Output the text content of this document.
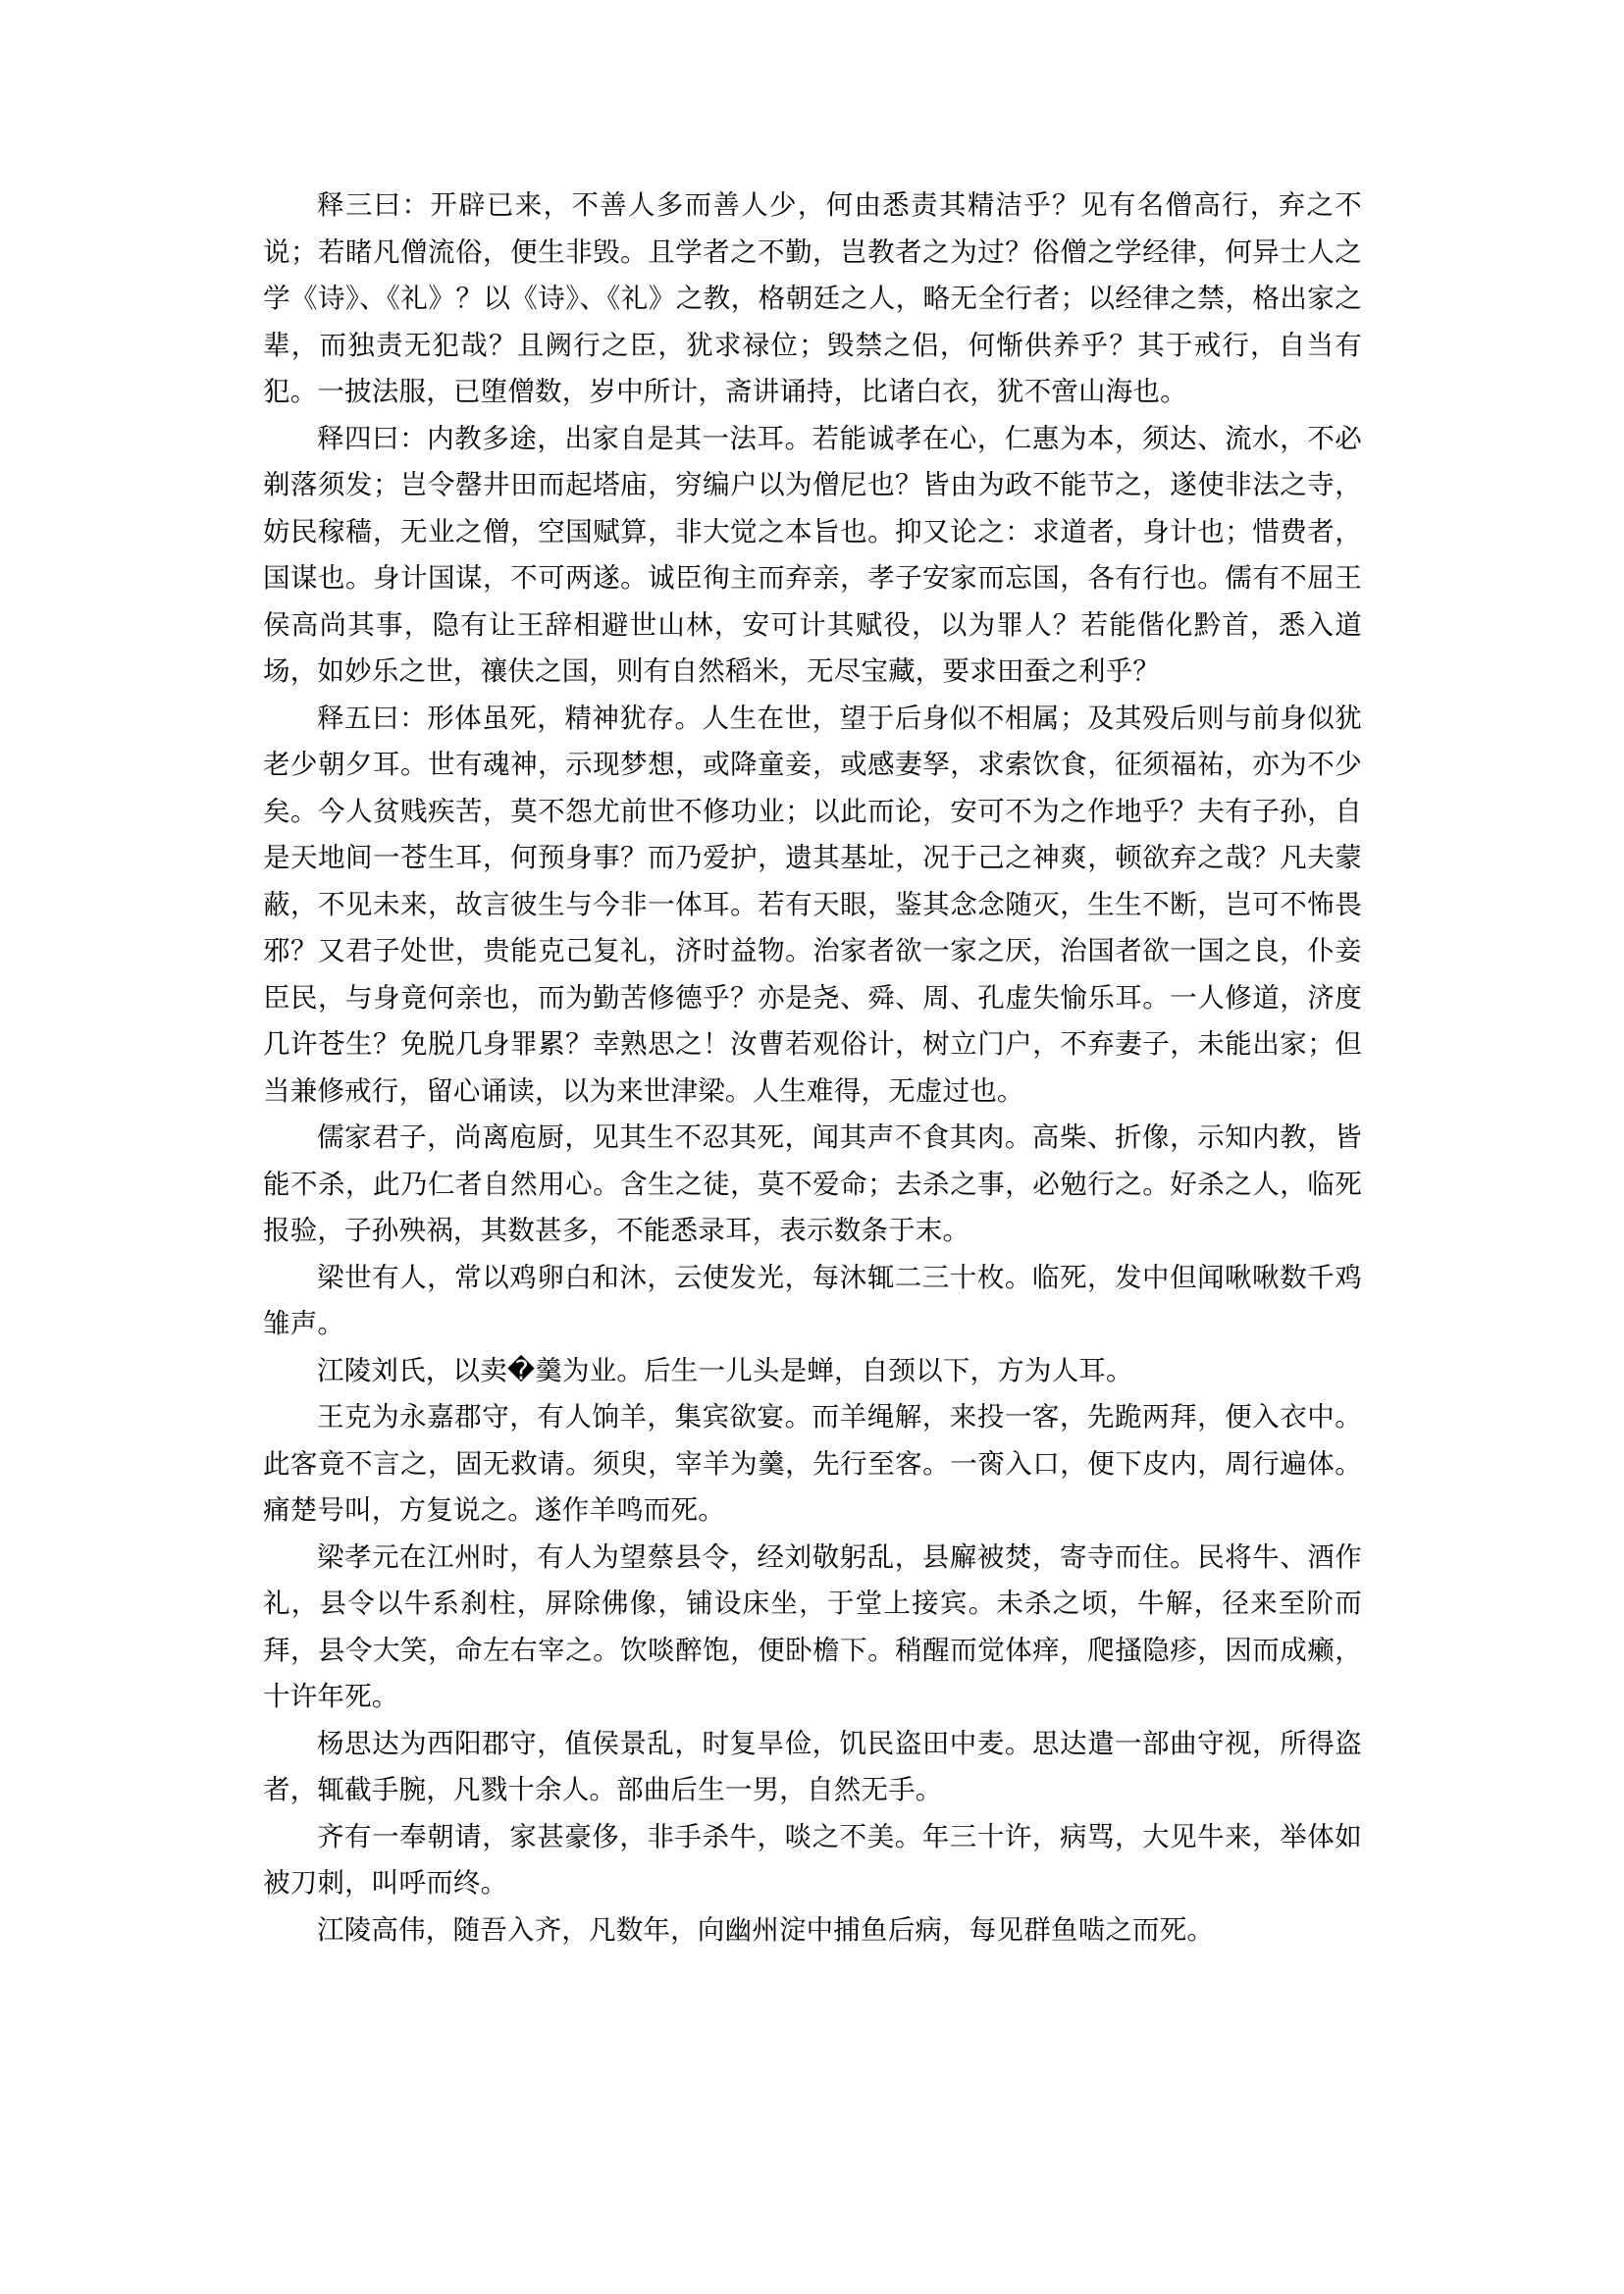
释三曰：开辟已来，不善人多而善人少，何由悉责其精洁乎？见有名僧高行，弃之不说；若睹凡僧流俗，便生非毁。且学者之不勤，岂教者之为过？俗僧之学经律，何异士人之学《诗》、《礼》？以《诗》、《礼》之教，格朝廷之人，略无全行者；以经律之禁，格出家之辈，而独责无犯哉？且阙行之臣，犹求禄位；毁禁之侣，何惭供养乎？其于戒行，自当有犯。一披法服，已堕僧数，岁中所计，斋讲诵持，比诸白衣，犹不啻山海也。

释四曰：内教多途，出家自是其一法耳。若能诚孝在心，仁惠为本，须达、流水，不必剃落须发；岂令罄井田而起塔庙，穷编户以为僧尼也？皆由为政不能节之，遂使非法之寺，妨民稼穑，无业之僧，空国赋算，非大觉之本旨也。抑又论之：求道者，身计也；惜费者，国谋也。身计国谋，不可两遂。诚臣徇主而弃亲，孝子安家而忘国，各有行也。儒有不屈王侯高尚其事，隐有让王辞相避世山林，安可计其赋役，以为罪人？若能偕化黔首，悉入道场，如妙乐之世，禳伕之国，则有自然稻米，无尽宝藏，要求田蚕之利乎？

释五曰：形体虽死，精神犹存。人生在世，望于后身似不相属；及其殁后则与前身似犹老少朝夕耳。世有魂神，示现梦想，或降童妾，或感妻孥，求索饮食，征须福祐，亦为不少矣。今人贫贱疾苦，莫不怨尤前世不修功业；以此而论，安可不为之作地乎？夫有子孙，自是天地间一苍生耳，何预身事？而乃爱护，遗其基址，况于己之神爽，顿欲弃之哉？凡夫蒙蔽，不见未来，故言彼生与今非一体耳。若有天眼，鉴其念念随灭，生生不断，岂可不怖畏邪？又君子处世，贵能克己复礼，济时益物。治家者欲一家之厌，治国者欲一国之良，仆妾臣民，与身竟何亲也，而为勤苦修德乎？亦是尧、舜、周、孔虚失愉乐耳。一人修道，济度几许苍生？免脱几身罪累？幸熟思之！汝曹若观俗计，树立门户，不弃妻子，未能出家；但当兼修戒行，留心诵读，以为来世津梁。人生难得，无虚过也。

儒家君子，尚离庖厨，见其生不忍其死，闻其声不食其肉。高柴、折像，示知内教，皆能不杀，此乃仁者自然用心。含生之徒，莫不爱命；去杀之事，必勉行之。好杀之人，临死报验，子孙殃祸，其数甚多，不能悉录耳，表示数条于末。

梁世有人，常以鸡卵白和沐，云使发光，每沐辄二三十枚。临死，发中但闻啾啾数千鸡雏声。

江陵刘氏，以卖�羹为业。后生一儿头是蝉，自颈以下，方为人耳。

王克为永嘉郡守，有人饷羊，集宾欲宴。而羊绳解，来投一客，先跪两拜，便入衣中。此客竟不言之，固无救请。须臾，宰羊为羹，先行至客。一脔入口，便下皮内，周行遍体。痛楚号叫，方复说之。遂作羊鸣而死。

梁孝元在江州时，有人为望蔡县令，经刘敬躬乱，县廨被焚，寄寺而住。民将牛、酒作礼，县令以牛系刹柱，屏除佛像，铺设床坐，于堂上接宾。未杀之顷，牛解，径来至阶而拜，县令大笑，命左右宰之。饮啖醉饱，便卧檐下。稍醒而觉体痒，爬搔隐疹，因而成癞，十许年死。

杨思达为西阳郡守，值侯景乱，时复旱俭，饥民盗田中麦。思达遣一部曲守视，所得盗者，辄截手腕，凡戮十余人。部曲后生一男，自然无手。

齐有一奉朝请，家甚豪侈，非手杀牛，啖之不美。年三十许，病骂，大见牛来，举体如被刀刺，叫呼而终。

江陵高伟，随吾入齐，凡数年，向幽州淀中捕鱼后病，每见群鱼啮之而死。
